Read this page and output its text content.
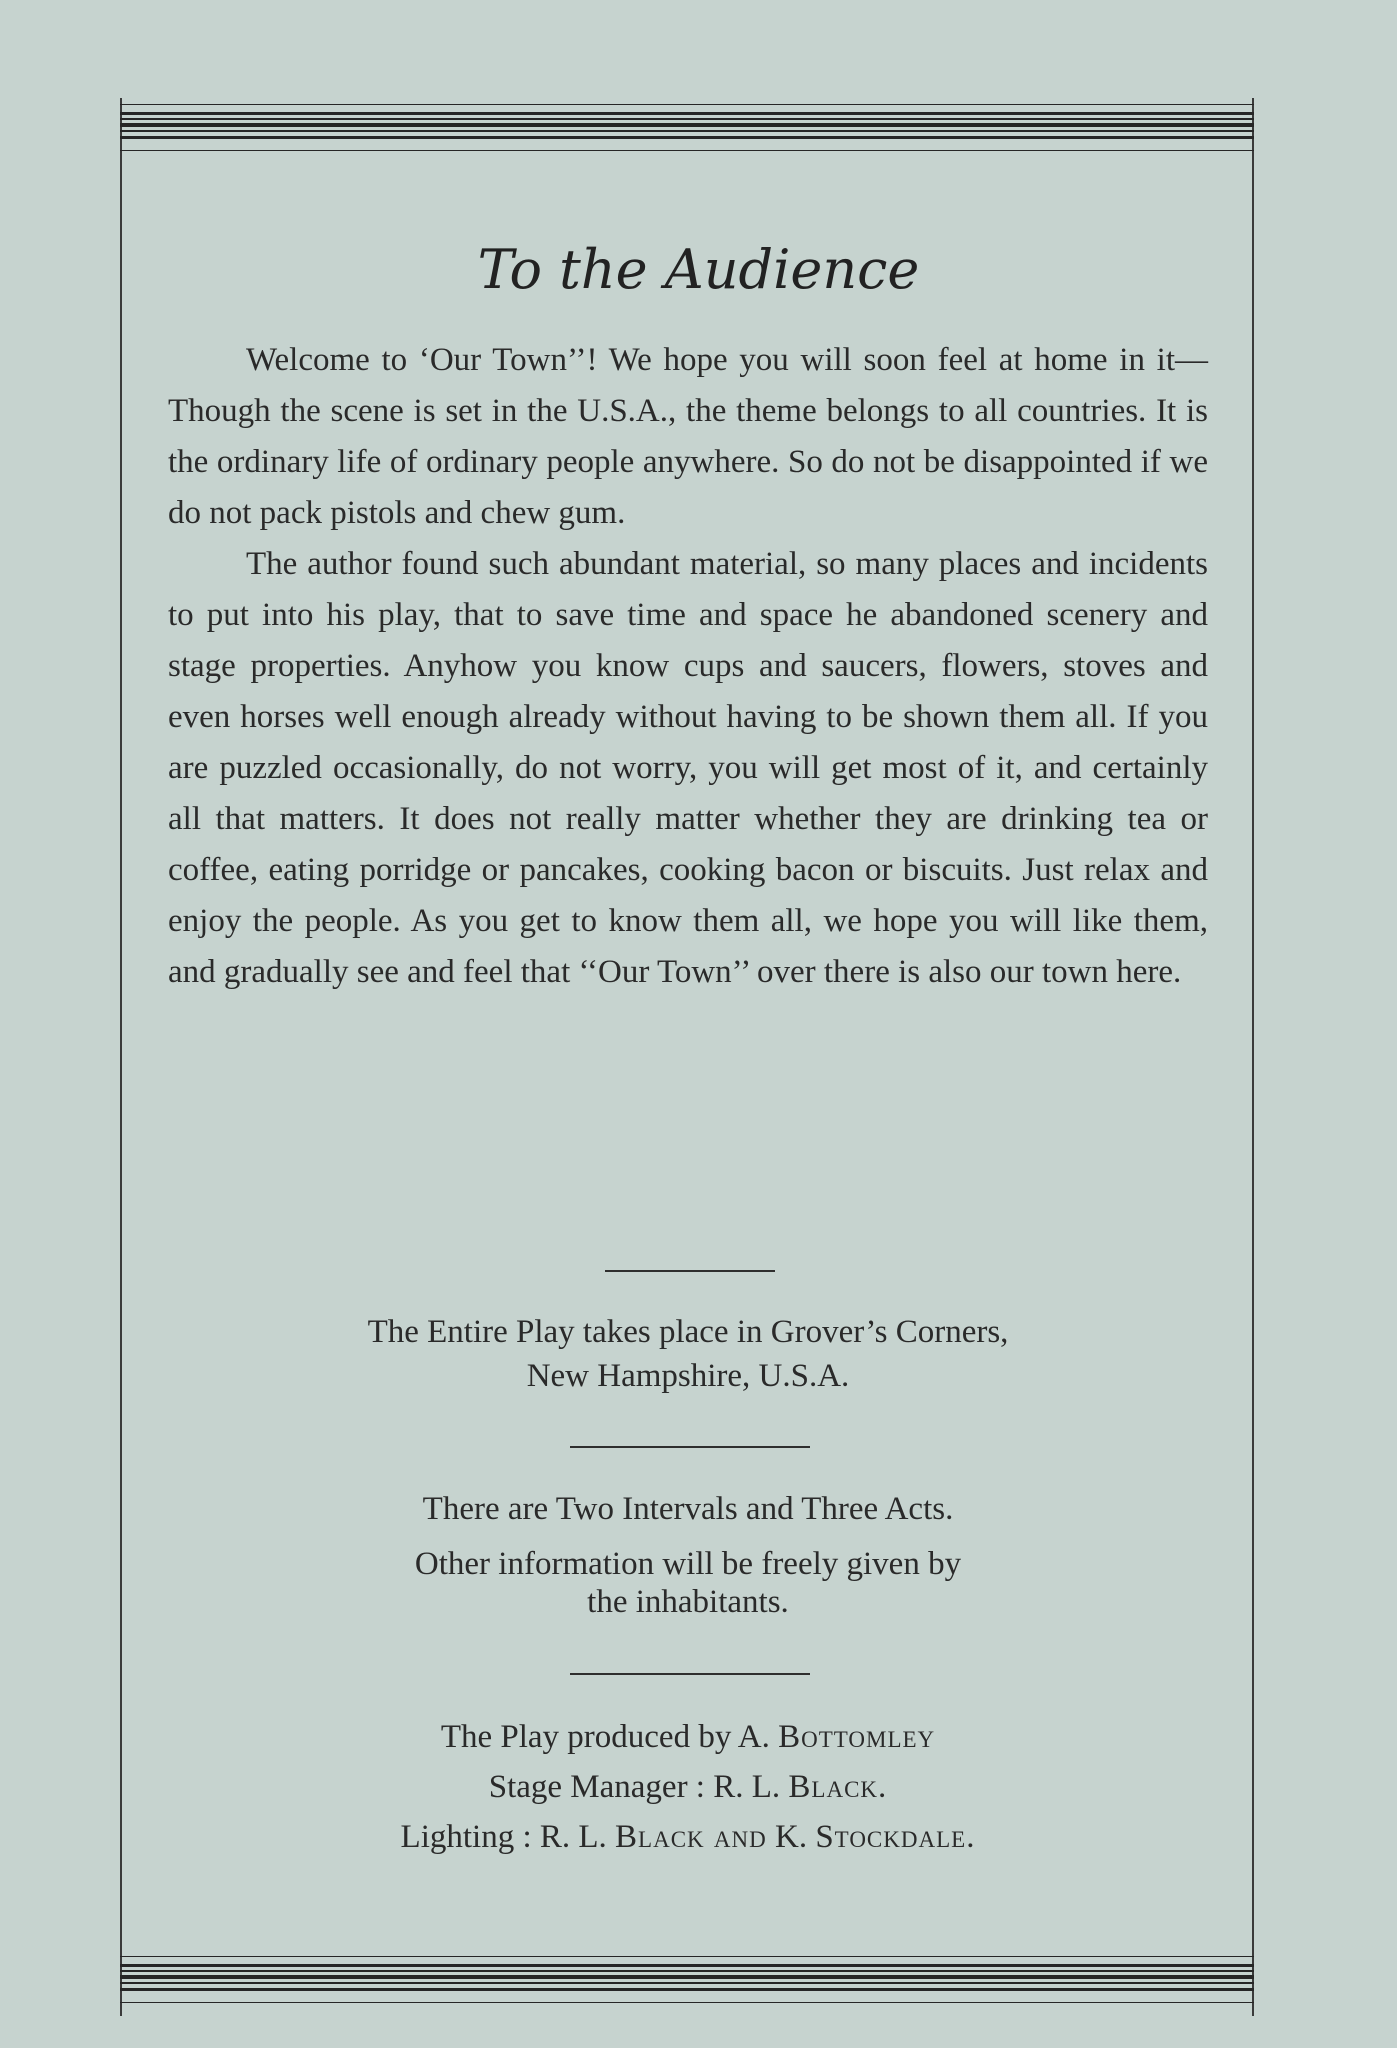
To the Audience

Welcome to ‘Our Town’’! We hope you will soon feel at home in it—Though the scene is set in the U.S.A., the theme belongs to all countries. It is the ordinary life of ordinary people anywhere. So do not be disappointed if we do not pack pistols and chew gum.

The author found such abundant material, so many places and incidents to put into his play, that to save time and space he abandoned scenery and stage properties. Anyhow you know cups and saucers, flowers, stoves and even horses well enough already without having to be shown them all. If you are puzzled occasionally, do not worry, you will get most of it, and certainly all that matters. It does not really matter whether they are drinking tea or coffee, eating porridge or pancakes, cooking bacon or biscuits. Just relax and enjoy the people. As you get to know them all, we hope you will like them, and gradually see and feel that ‘‘Our Town’’ over there is also our town here.

The Entire Play takes place in Grover’s Corners,
New Hampshire, U.S.A.
There are Two Intervals and Three Acts.
Other information will be freely given by
the inhabitants.
The Play produced by A. Bottomley
Stage Manager : R. L. Black.
Lighting : R. L. Black and K. Stockdale.
